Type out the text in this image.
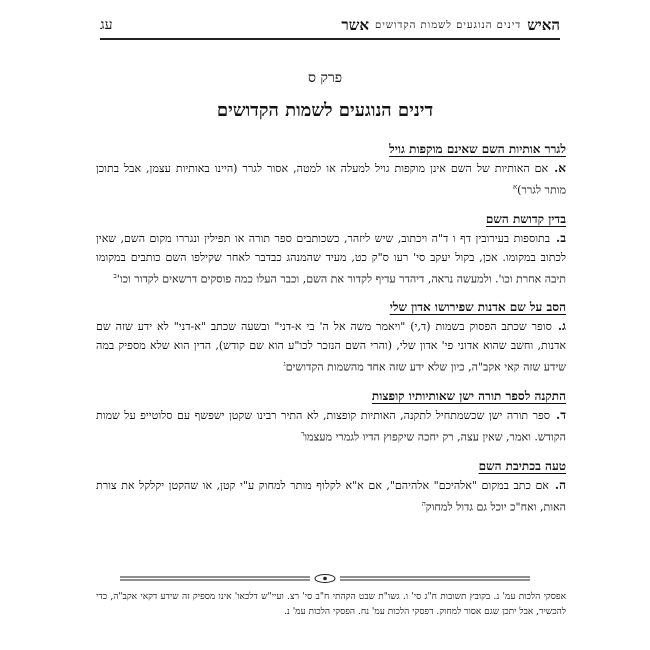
האיש
דינים הנוגעים לשמות הקדושים
אשר
עג
פרק ס
דינים הנוגעים לשמות הקדושים
לגרר אותיות השם שאינם מוקפות גויל

א.אם האותיות של השם אינן מוקפות גויל למעלה או למטה, אסור לגרר (היינו באותיות עצמן, אבל בתוכן מותר לגרר)$^א$

בדין קדושת השם

ב.בתוספות בעירובין דף ו ד"ה ויכתוב, שיש ליזהר, כשכותבים ספר תורה או תפילין ונגררו מקום השם, שאין לכתוב במקומו. אכן, בקול יעקב סי' רעו ס"ק כט, מעיד שהמנהג כבדבר לאחר שקילפו השם כותבים במקומו תיבה אחרת וכו'. ולמעשה נראה, דיהדר עדיף לקדור את השם, וכבר העלו כמה פוסקים דרשאים לקדור $וכו'^ב$

הסב על שם אדנות שפירושו אדון שלי

ג.סופר שכתב הפסוק בשמות (ד,י) "ויאמר משה אל ה' בי א-דני" ובשעה שכתב "א-דני" לא ידע שזה שם אדנות, וחשב שהוא אדוני פי' אדון שלי, (והרי השם הנזכר לכו"ע הוא שם קודש), הדין הוא שלא מספיק במה שידע שזה קאי אקב"ה, כיון שלא ידע שזה אחד מהשמות הקדושים$^ג$

התקנה לספר תורה ישן שאותיותיו קופצות

ד.ספר תורה ישן שכשמתחיל לתקנה, האותיות קופצות, לא התיר רבינו שקטן ישפשף עם סלוטייפ על שמות הקודש. ואמר, שאין עצה, רק יחכה שיקפוץ הדיו לגמרי מעצמו$^ד$

טעה בכתיבת השם

ה.אם כתב במקום "אלהיכם" אלהיהם", אם א"א לקלוף מותר למחוק ע"י קטן, או שהקטן יקלקל את צורת האות, ואח"כ יוכל גם גדול למחוק$^ה$

אפסקי הלכות עמ' נ. בקובץ תשובות ח"ג סי' ו. גשו"ת שבט הקהתי ח"ב סי' רצ. ועיי"ש דלכאו' אינו מספיק זה שידע דקאי אקב"ה, כדי להכשיר, אבל יתכן שגם אסור למחוק. דפסקי הלכות עמ' נח. הפסקי הלכות עמ' נ.
